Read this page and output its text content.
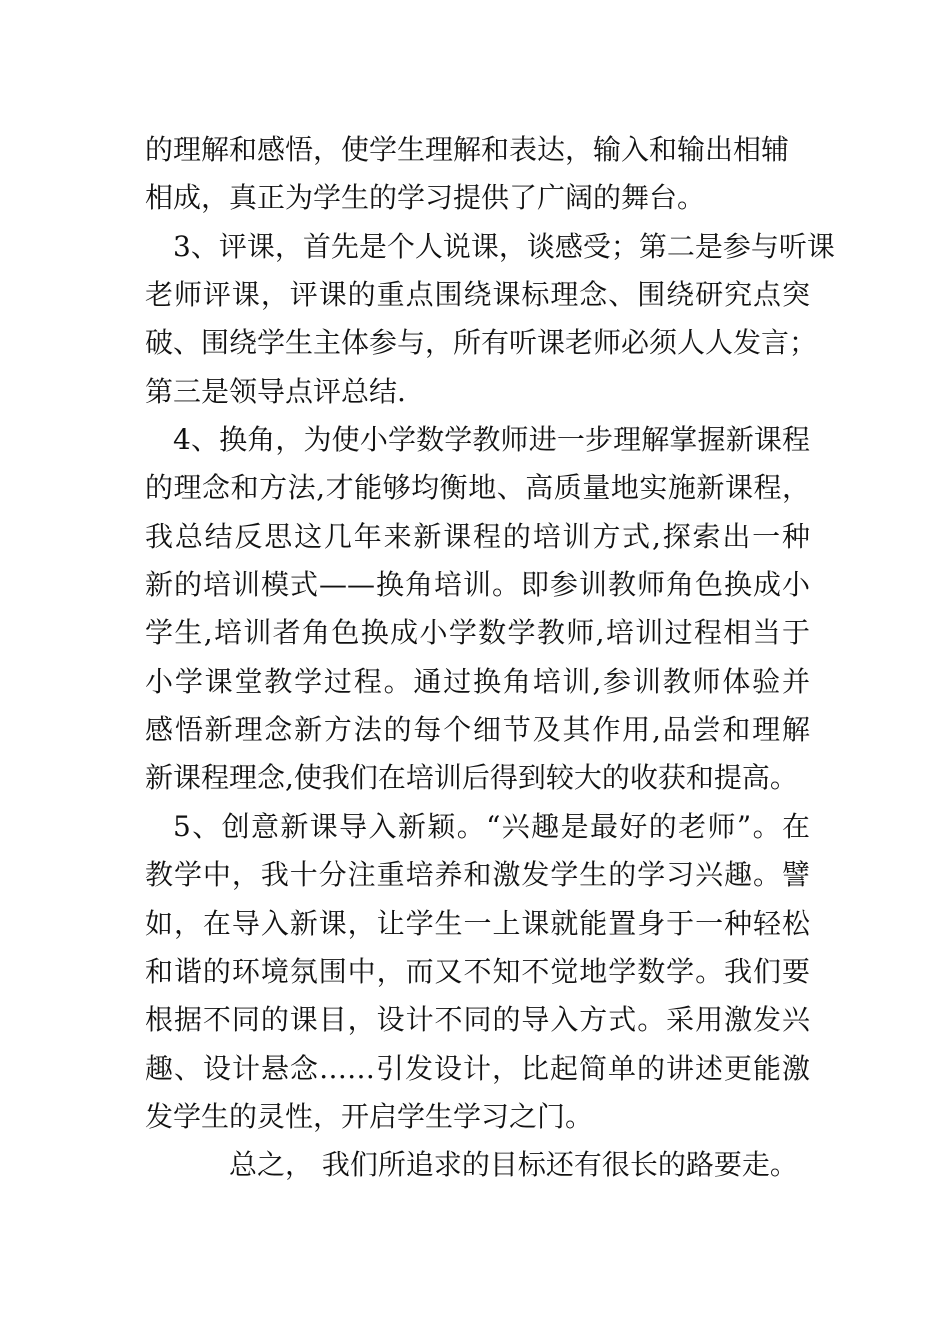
的理解和感悟，使学生理解和表达，输入和输出相辅
相成，真正为学生的学习提供了广阔的舞台。
3、评课，首先是个人说课，谈感受；第二是参与听课
老师评课，评课的重点围绕课标理念、围绕研究点突
破、围绕学生主体参与，所有听课老师必须人人发言；
第三是领导点评总结.
4、换角，为使小学数学教师进一步理解掌握新课程
的理念和方法,才能够均衡地、高质量地实施新课程，
我总结反思这几年来新课程的培训方式,探索出一种
新的培训模式——换角培训。即参训教师角色换成小
学生,培训者角色换成小学数学教师,培训过程相当于
小学课堂教学过程。通过换角培训,参训教师体验并
感悟新理念新方法的每个细节及其作用,品尝和理解
新课程理念,使我们在培训后得到较大的收获和提高。
5、创意新课导入新颖。“兴趣是最好的老师”。在
教学中，我十分注重培养和激发学生的学习兴趣。譬
如，在导入新课，让学生一上课就能置身于一种轻松
和谐的环境氛围中，而又不知不觉地学数学。我们要
根据不同的课目，设计不同的导入方式。采用激发兴
趣、设计悬念……引发设计，比起简单的讲述更能激
发学生的灵性，开启学生学习之门。
总之， 我们所追求的目标还有很长的路要走。
